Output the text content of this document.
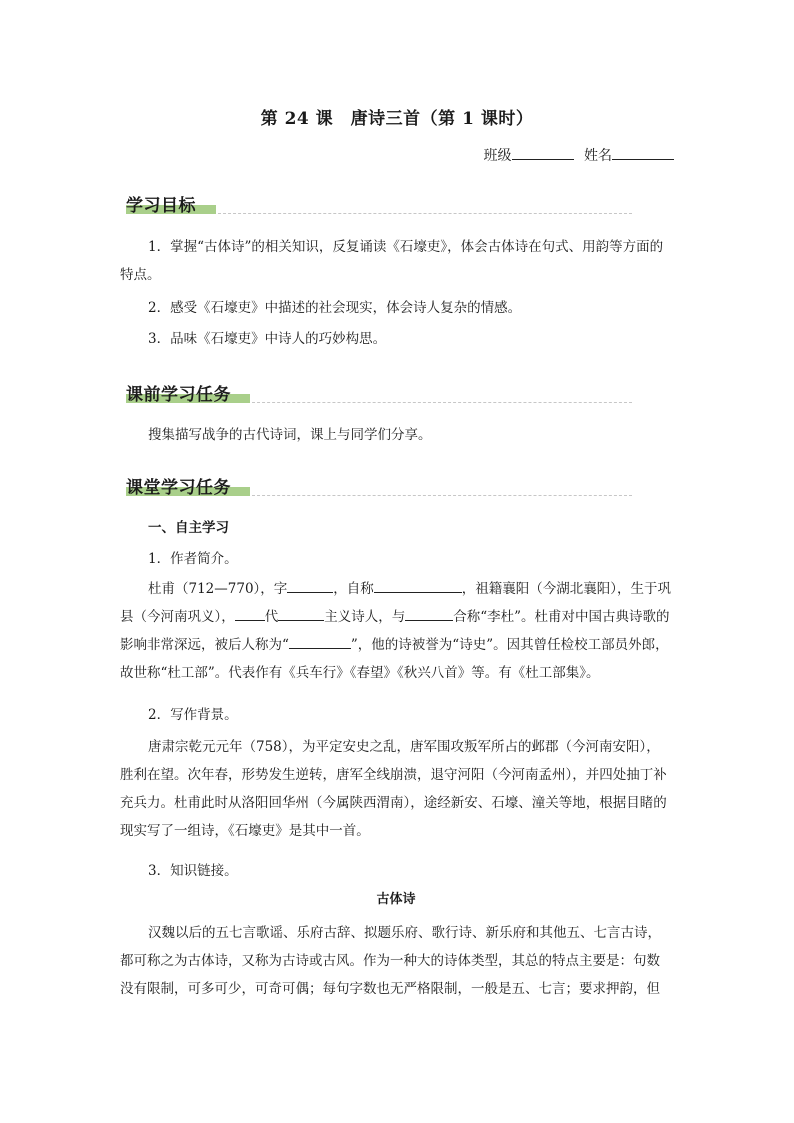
第 24 课　唐诗三首（第 1 课时）
班级	姓名
学习目标
1．掌握“古体诗”的相关知识，反复诵读《石壕吏》，体会古体诗在句式、用韵等方面的特点。
2．感受《石壕吏》中描述的社会现实，体会诗人复杂的情感。
3．品味《石壕吏》中诗人的巧妙构思。
课前学习任务
搜集描写战争的古代诗词，课上与同学们分享。
课堂学习任务
一、自主学习
1．作者简介。
杜甫（712—770），字	，自称	，祖籍襄阳（今湖北襄阳），生于巩县（今河南巩义）， 代	主义诗人，与	合称“李杜”。杜甫对中国古典诗歌的影响非常深远，被后人称为“	”，他的诗被誉为“诗史”。因其曾任检校工部员外郎，故世称“杜工部”。代表作有《兵车行》《春望》《秋兴八首》等。有《杜工部集》。
2．写作背景。
唐肃宗乾元元年（758），为平定安史之乱，唐军围攻叛军所占的邺郡（今河南安阳），胜利在望。次年春，形势发生逆转，唐军全线崩溃，退守河阳（今河南孟州），并四处抽丁补充兵力。杜甫此时从洛阳回华州（今属陕西渭南），途经新安、石壕、潼关等地，根据目睹的现实写了一组诗，《石壕吏》是其中一首。
3．知识链接。
古体诗
汉魏以后的五七言歌谣、乐府古辞、拟题乐府、歌行诗、新乐府和其他五、七言古诗，都可称之为古体诗，又称为古诗或古风。作为一种大的诗体类型，其总的特点主要是：句数没有限制，可多可少，可奇可偶；每句字数也无严格限制，一般是五、七言；要求押韵，但
